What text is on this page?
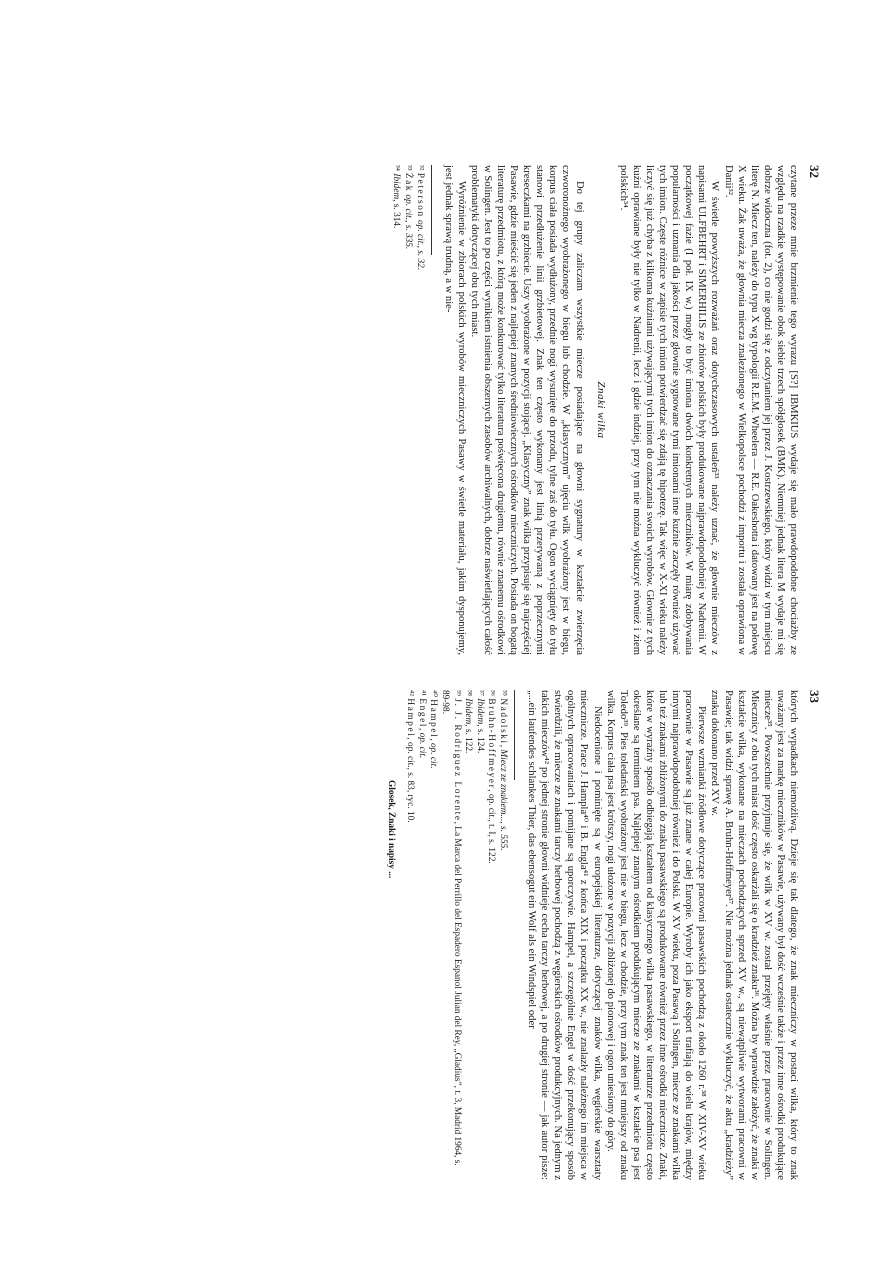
32

czytane przeze mnie brzmienie tego wyrazu [S?] IBMKIUS wydaje się mało prawdopodobne chociażby ze względu na rzadkie występowanie obok siebie trzech spółgłosek (BMK). Niemniej jednak litera M wydaje mi się dobrze widoczna (fot. 2), co nie godzi się z odczytaniem jej przez J. Kostrzewskiego, który widzi w tym miejscu literę N. Miecz ten, należy do typu X wg typologii R.E.M. Wheelera — R.E. Oakeshotta i datowany jest na połowę X wieku. Żak uważa, że głownia miecza znalezionego w Wielkopolsce pochodzi z importu i została oprawiona w Danii³².

W świetle powyższych rozważań oraz dotychczasowych ustaleń³³ należy uznać, że głownie mieczów z napisami ULFBEHRT i SIMERHILIS ze zbiorów polskich były produkowane najprawdopodobniej w Nadrenii. W początkowej fazie (I poł. IX w.) mogły to być imiona dwóch konkretnych mieczników. W miarę zdobywania popularności i uznania dla jakości przez głownie sygnowane tymi imionami inne kuźnie zaczęły również używać tych imion. Częste różnice w zapisie tych imion potwierdzać się zdają tę hipotezę. Tak więc w X-XI wieku należy liczyć się już chyba z kilkoma kuźniami używającymi tych imion do oznaczania swoich wyrobów. Głownie z tych kuźni oprawiane były nie tylko w Nadrenii, lecz i gdzie indziej, przy tym nie można wykluczyć również i ziem polskich³⁴.

Znaki wilka

Do tej grupy zaliczam wszystkie miecze posiadające na głowni sygnatury w kształcie zwierzęcia czworonożnego wyobrażonego w biegu lub chodzie. W „klasycznym” ujęciu wilk wyobrażony jest w biegu, korpus ciała posiada wydłużony, przednie nogi wysunięte do przodu, tylne zaś do tyłu. Ogon wyciągnięty do tyłu stanowi przedłużenie linii grzbietowej. Znak ten często wykonany jest linią przerywaną z poprzecznymi kreseczkami na grzbiecie. Uszy wyobrażone w pozycji stojącej. „Klasyczny” znak wilka przypisuje się najczęściej Pasawie, gdzie mieścić się jeden z najlepiej znanych średniowiecznych ośrodków mieczniczych. Posiada on bogatą literaturę przedmiotu, z którą może konkurować tylko literatura poświęcona drugiemu, równie znanemu ośrodkowi w Solingen. Jest to po części wynikiem istnienia obszernych zasobów archiwalnych, dobrze naświetlających całość problematyki dotyczącej obu tych miast.

Wyróżnienie w zbiorach polskich wyrobów mieczniczych Pasawy w świetle materiału, jakim dysponujemy, jest jednak sprawą trudną, a w nie-

³² Peterson op. cit., s. 32.
³³ Żak op. cit., s. 335.
³⁴ Ibidem, s. 314.
33

których wypadkach niemożliwą. Dzieje się tak dlatego, że znak mieczniczy w postaci wilka, który to znak uważany jest za markę mieczników w Pasawie, używany był dość wcześnie także i przez inne ośrodki produkujące miecze³⁵. Powszechnie przyjmuje się, że wilk w XV w. został przejęty właśnie przez pracownie w Solingen. Miecznicy z obu tych miast dość często oskarżali się o kradzież znaku³⁶. Można by wprawdzie założyć, że znaki w kształcie wilka, wykonane na mieczach pochodzących sprzed XV w., są niewątpliwie wytworami pracowni w Pasawie; tak widzi sprawę A. Bruhn-Hoffmeyer³⁷. Nie można jednak ostatecznie wykluczyć, że aktu „kradzieży” znaku dokonano przed XV w.

Pierwsze wzmianki źródłowe dotyczące pracowni pasawskich pochodzą z około 1260 r.³⁸ W XIV-XV wieku pracownie w Pasawie są już znane w całej Europie. Wyroby ich jako eksport trafiają do wielu krajów, między innymi najprawdopodobniej również i do Polski. W XV wieku, poza Pasawą i Solingen, miecze ze znakami wilka lub też znakami zbliżonymi do znaku pasawskiego są produkowane również przez inne ośrodki miecznicze. Znaki, które w wyraźny sposób odbiegają kształtem od klasycznego wilka pasawskiego, w literaturze przedmiotu często określane są terminem psa. Najlepiej znanym ośrodkiem produkującym miecze ze znakami w kształcie psa jest Toledo³⁹. Pies toledański wyobrażony jest nie w biegu, lecz w chodzie, przy tym znak ten jest mniejszy od znaku wilka. Korpus ciała psa jest krótszy, nogi ułożone w pozycji zbliżonej do pionowej i ogon uniesiony do góry.

Niedocenione i pominięte są w europejskiej literaturze, dotyczącej znaków wilka, węgierskie warsztaty miecznicze. Prace J. Hampla⁴⁰ i B. Engla⁴¹ z końca XIX i początku XX w., nie znalazły należnego im miejsca w ogólnych opracowaniach i pomijane są uporczywie. Hampel, a szczególnie Engel w dość przekonujący sposób stwierdzili, że miecze ze znakami tarczy herbowej pochodzą z węgierskich ośrodków produkcyjnych. Na jednym z takich mieczów⁴² po jednej stronie głowni widnieje cecha tarczy herbowej, a po drugiej stronie — jak autor pisze: „...ein laufendes schlankes Thier, das ebensogut ein Wolf als ein Windspiel oder

³⁵ Nadolski, Miecz ze znakiem..., s. 555.
³⁶ Bruhn-Hoffmeyer, op. cit., t. I, s. 122.
³⁷ Ibidem, s. 124.
³⁸ Ibidem, s. 122.
³⁹ J. J. Rodriguez Lorente, La Marca del Perrillo del Espadero Espanol Julian del Rey, „Gladius”, t. 3, Madrid 1964, s. 89-98.
⁴⁰ Hampel, op. cit.
⁴¹ Engel, op. cit.
⁴² Hampel, op. cit., s. 83, ryc. 10.
Glosek, Znaki i napisy ...
